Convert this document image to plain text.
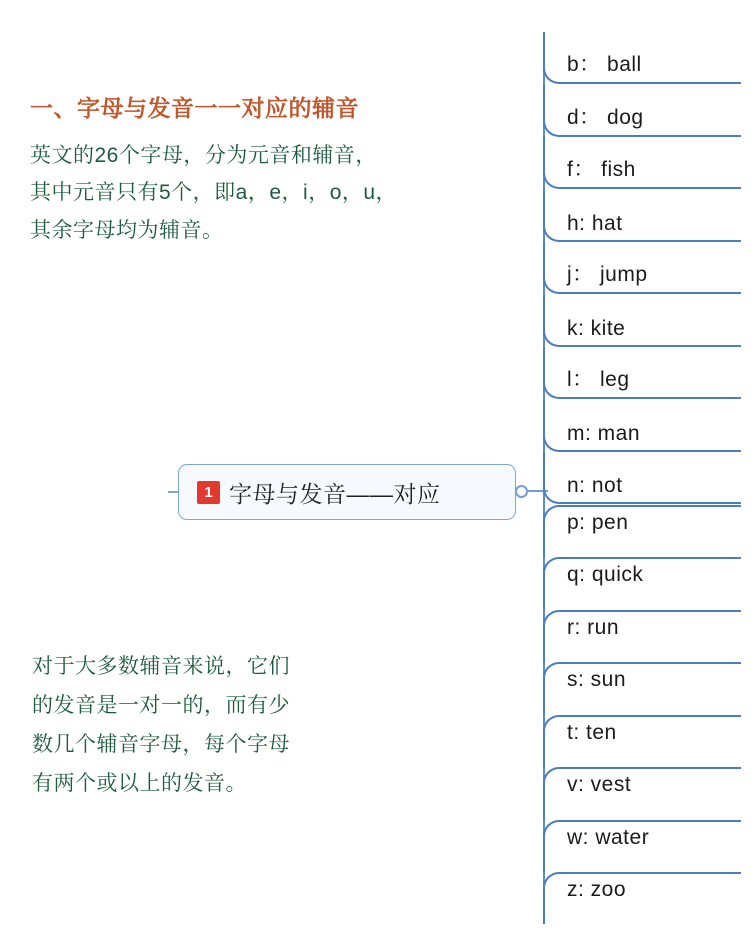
一、字母与发音一一对应的辅音
英文的26个字母，分为元音和辅音，
其中元音只有5个，即a，e，i，o，u，
其余字母均为辅音。
对于大多数辅音来说，它们
的发音是一对一的，而有少
数几个辅音字母，每个字母
有两个或以上的发音。
1 字母与发音——对应
b： ball
d： dog
f： fish
h: hat
j： jump
k: kite
l： leg
m: man
n: not
p: pen
q: quick
r: run
s: sun
t: ten
v: vest
w: water
z: zoo
